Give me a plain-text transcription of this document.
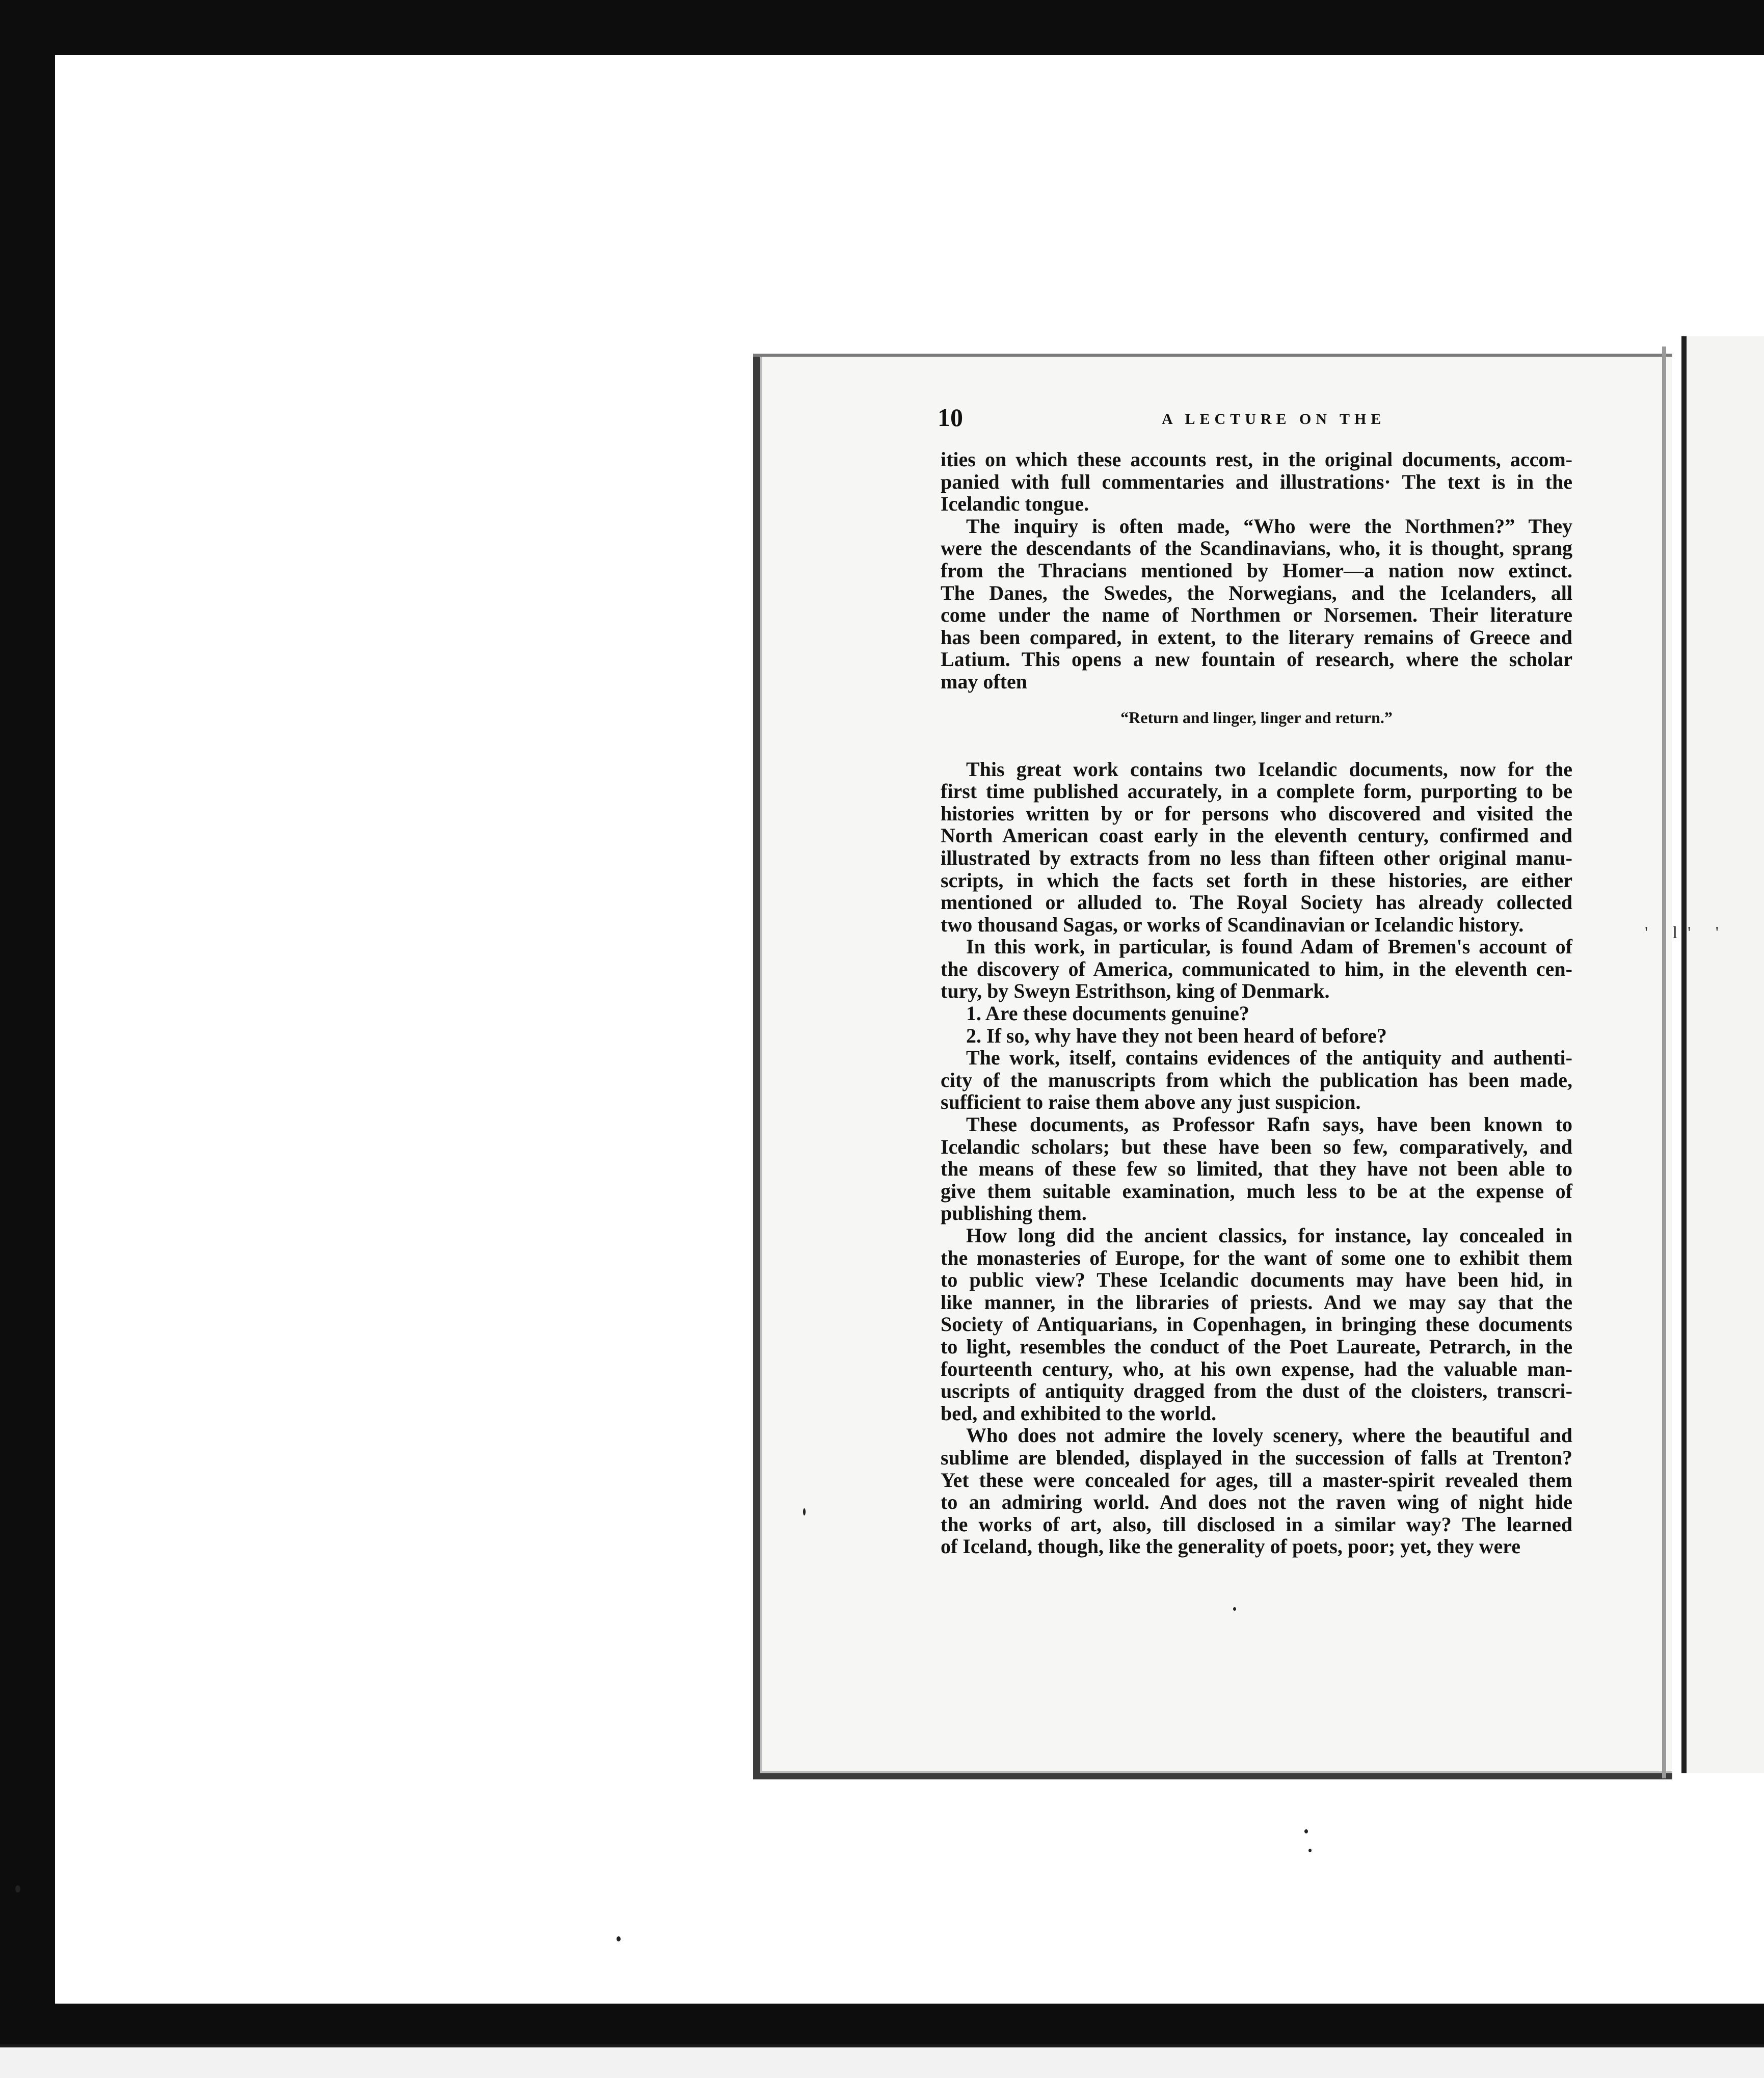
' l' '
10	A LECTURE ON THE
ities on which these accounts rest, in the original documents, accom-
panied with full commentaries and illustrations· The text is in the
Icelandic tongue.
The inquiry is often made, “Who were the Northmen?” They
were the descendants of the Scandinavians, who, it is thought, sprang
from the Thracians mentioned by Homer—a nation now extinct.
The Danes, the Swedes, the Norwegians, and the Icelanders, all
come under the name of Northmen or Norsemen. Their literature
has been compared, in extent, to the literary remains of Greece and
Latium. This opens a new fountain of research, where the scholar
may often
“Return and linger, linger and return.”
This great work contains two Icelandic documents, now for the
first time published accurately, in a complete form, purporting to be
histories written by or for persons who discovered and visited the
North American coast early in the eleventh century, confirmed and
illustrated by extracts from no less than fifteen other original manu-
scripts, in which the facts set forth in these histories, are either
mentioned or alluded to. The Royal Society has already collected
two thousand Sagas, or works of Scandinavian or Icelandic history.
In this work, in particular, is found Adam of Bremen's account of
the discovery of America, communicated to him, in the eleventh cen-
tury, by Sweyn Estrithson, king of Denmark.
1. Are these documents genuine?
2. If so, why have they not been heard of before?
The work, itself, contains evidences of the antiquity and authenti-
city of the manuscripts from which the publication has been made,
sufficient to raise them above any just suspicion.
These documents, as Professor Rafn says, have been known to
Icelandic scholars; but these have been so few, comparatively, and
the means of these few so limited, that they have not been able to
give them suitable examination, much less to be at the expense of
publishing them.
How long did the ancient classics, for instance, lay concealed in
the monasteries of Europe, for the want of some one to exhibit them
to public view? These Icelandic documents may have been hid, in
like manner, in the libraries of priests. And we may say that the
Society of Antiquarians, in Copenhagen, in bringing these documents
to light, resembles the conduct of the Poet Laureate, Petrarch, in the
fourteenth century, who, at his own expense, had the valuable man-
uscripts of antiquity dragged from the dust of the cloisters, transcri-
bed, and exhibited to the world.
Who does not admire the lovely scenery, where the beautiful and
sublime are blended, displayed in the succession of falls at Trenton?
Yet these were concealed for ages, till a master-spirit revealed them
to an admiring world. And does not the raven wing of night hide
the works of art, also, till disclosed in a similar way? The learned
of Iceland, though, like the generality of poets, poor; yet, they were
